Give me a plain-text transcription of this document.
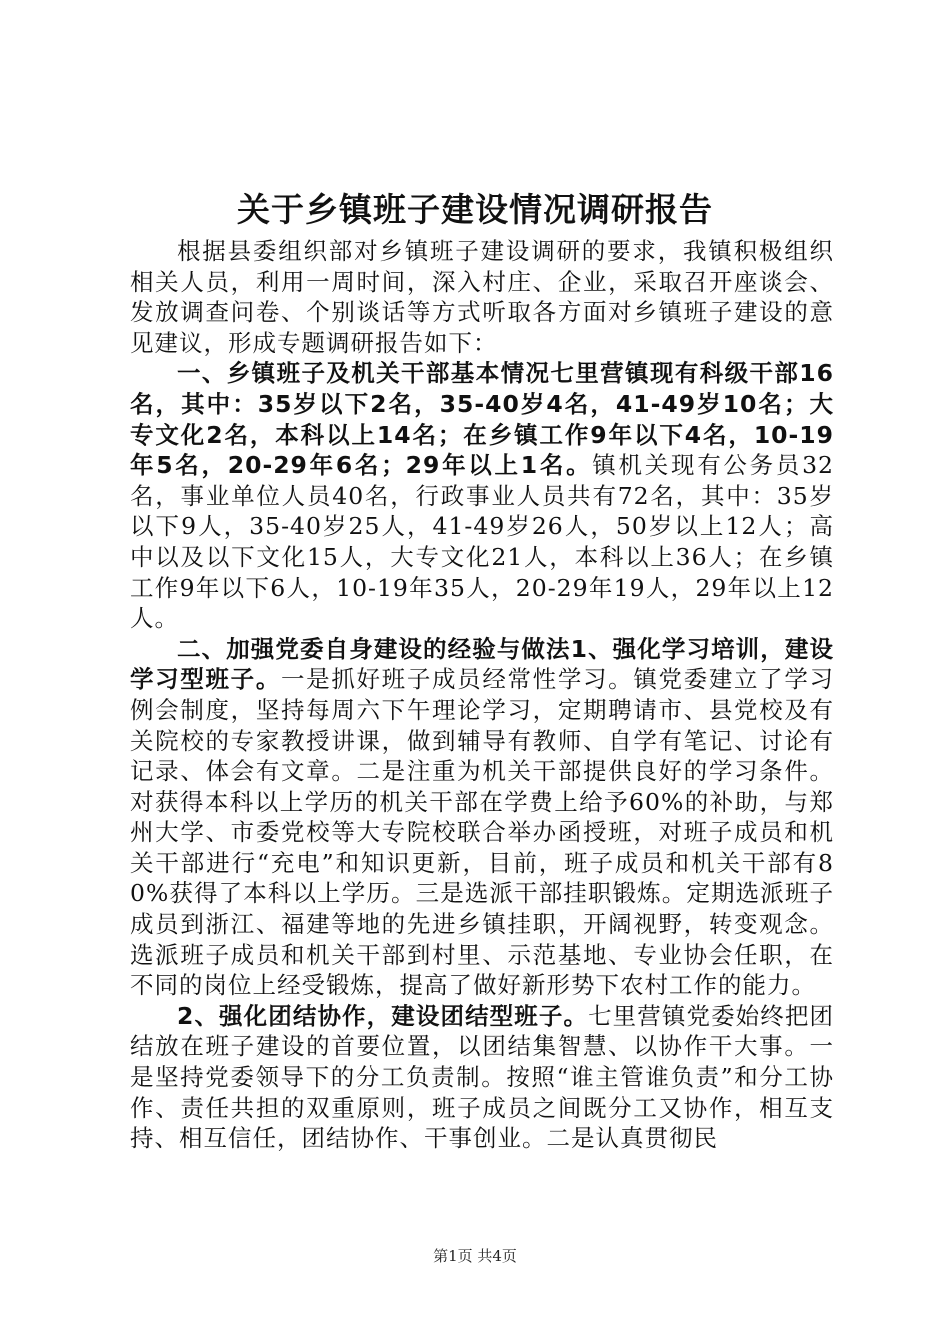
关于乡镇班子建设情况调研报告

根据县委组织部对乡镇班子建设调研的要求，我镇积极组织相关人员，利用一周时间，深入村庄、企业，采取召开座谈会、发放调查问卷、个别谈话等方式听取各方面对乡镇班子建设的意见建议，形成专题调研报告如下：

一、乡镇班子及机关干部基本情况七里营镇现有科级干部16名，其中：35岁以下2名，35-40岁4名，41-49岁10名；大专文化2名，本科以上14名；在乡镇工作9年以下4名，10-19年5名，20-29年6名；29年以上1名。镇机关现有公务员32名，事业单位人员40名，行政事业人员共有72名，其中：35岁以下9人，35-40岁25人，41-49岁26人，50岁以上12人；高中以及以下文化15人，大专文化21人，本科以上36人；在乡镇工作9年以下6人，10-19年35人，20-29年19人，29年以上12人。

二、加强党委自身建设的经验与做法1、强化学习培训，建设学习型班子。一是抓好班子成员经常性学习。镇党委建立了学习例会制度，坚持每周六下午理论学习，定期聘请市、县党校及有关院校的专家教授讲课，做到辅导有教师、自学有笔记、讨论有记录、体会有文章。二是注重为机关干部提供良好的学习条件。对获得本科以上学历的机关干部在学费上给予60%的补助，与郑州大学、市委党校等大专院校联合举办函授班，对班子成员和机关干部进行“充电”和知识更新，目前，班子成员和机关干部有80%获得了本科以上学历。三是选派干部挂职锻炼。定期选派班子成员到浙江、福建等地的先进乡镇挂职，开阔视野，转变观念。选派班子成员和机关干部到村里、示范基地、专业协会任职，在不同的岗位上经受锻炼，提高了做好新形势下农村工作的能力。

2、强化团结协作，建设团结型班子。七里营镇党委始终把团结放在班子建设的首要位置，以团结集智慧、以协作干大事。一是坚持党委领导下的分工负责制。按照“谁主管谁负责”和分工协作、责任共担的双重原则，班子成员之间既分工又协作，相互支持、相互信任，团结协作、干事创业。二是认真贯彻民

第1页 共4页
